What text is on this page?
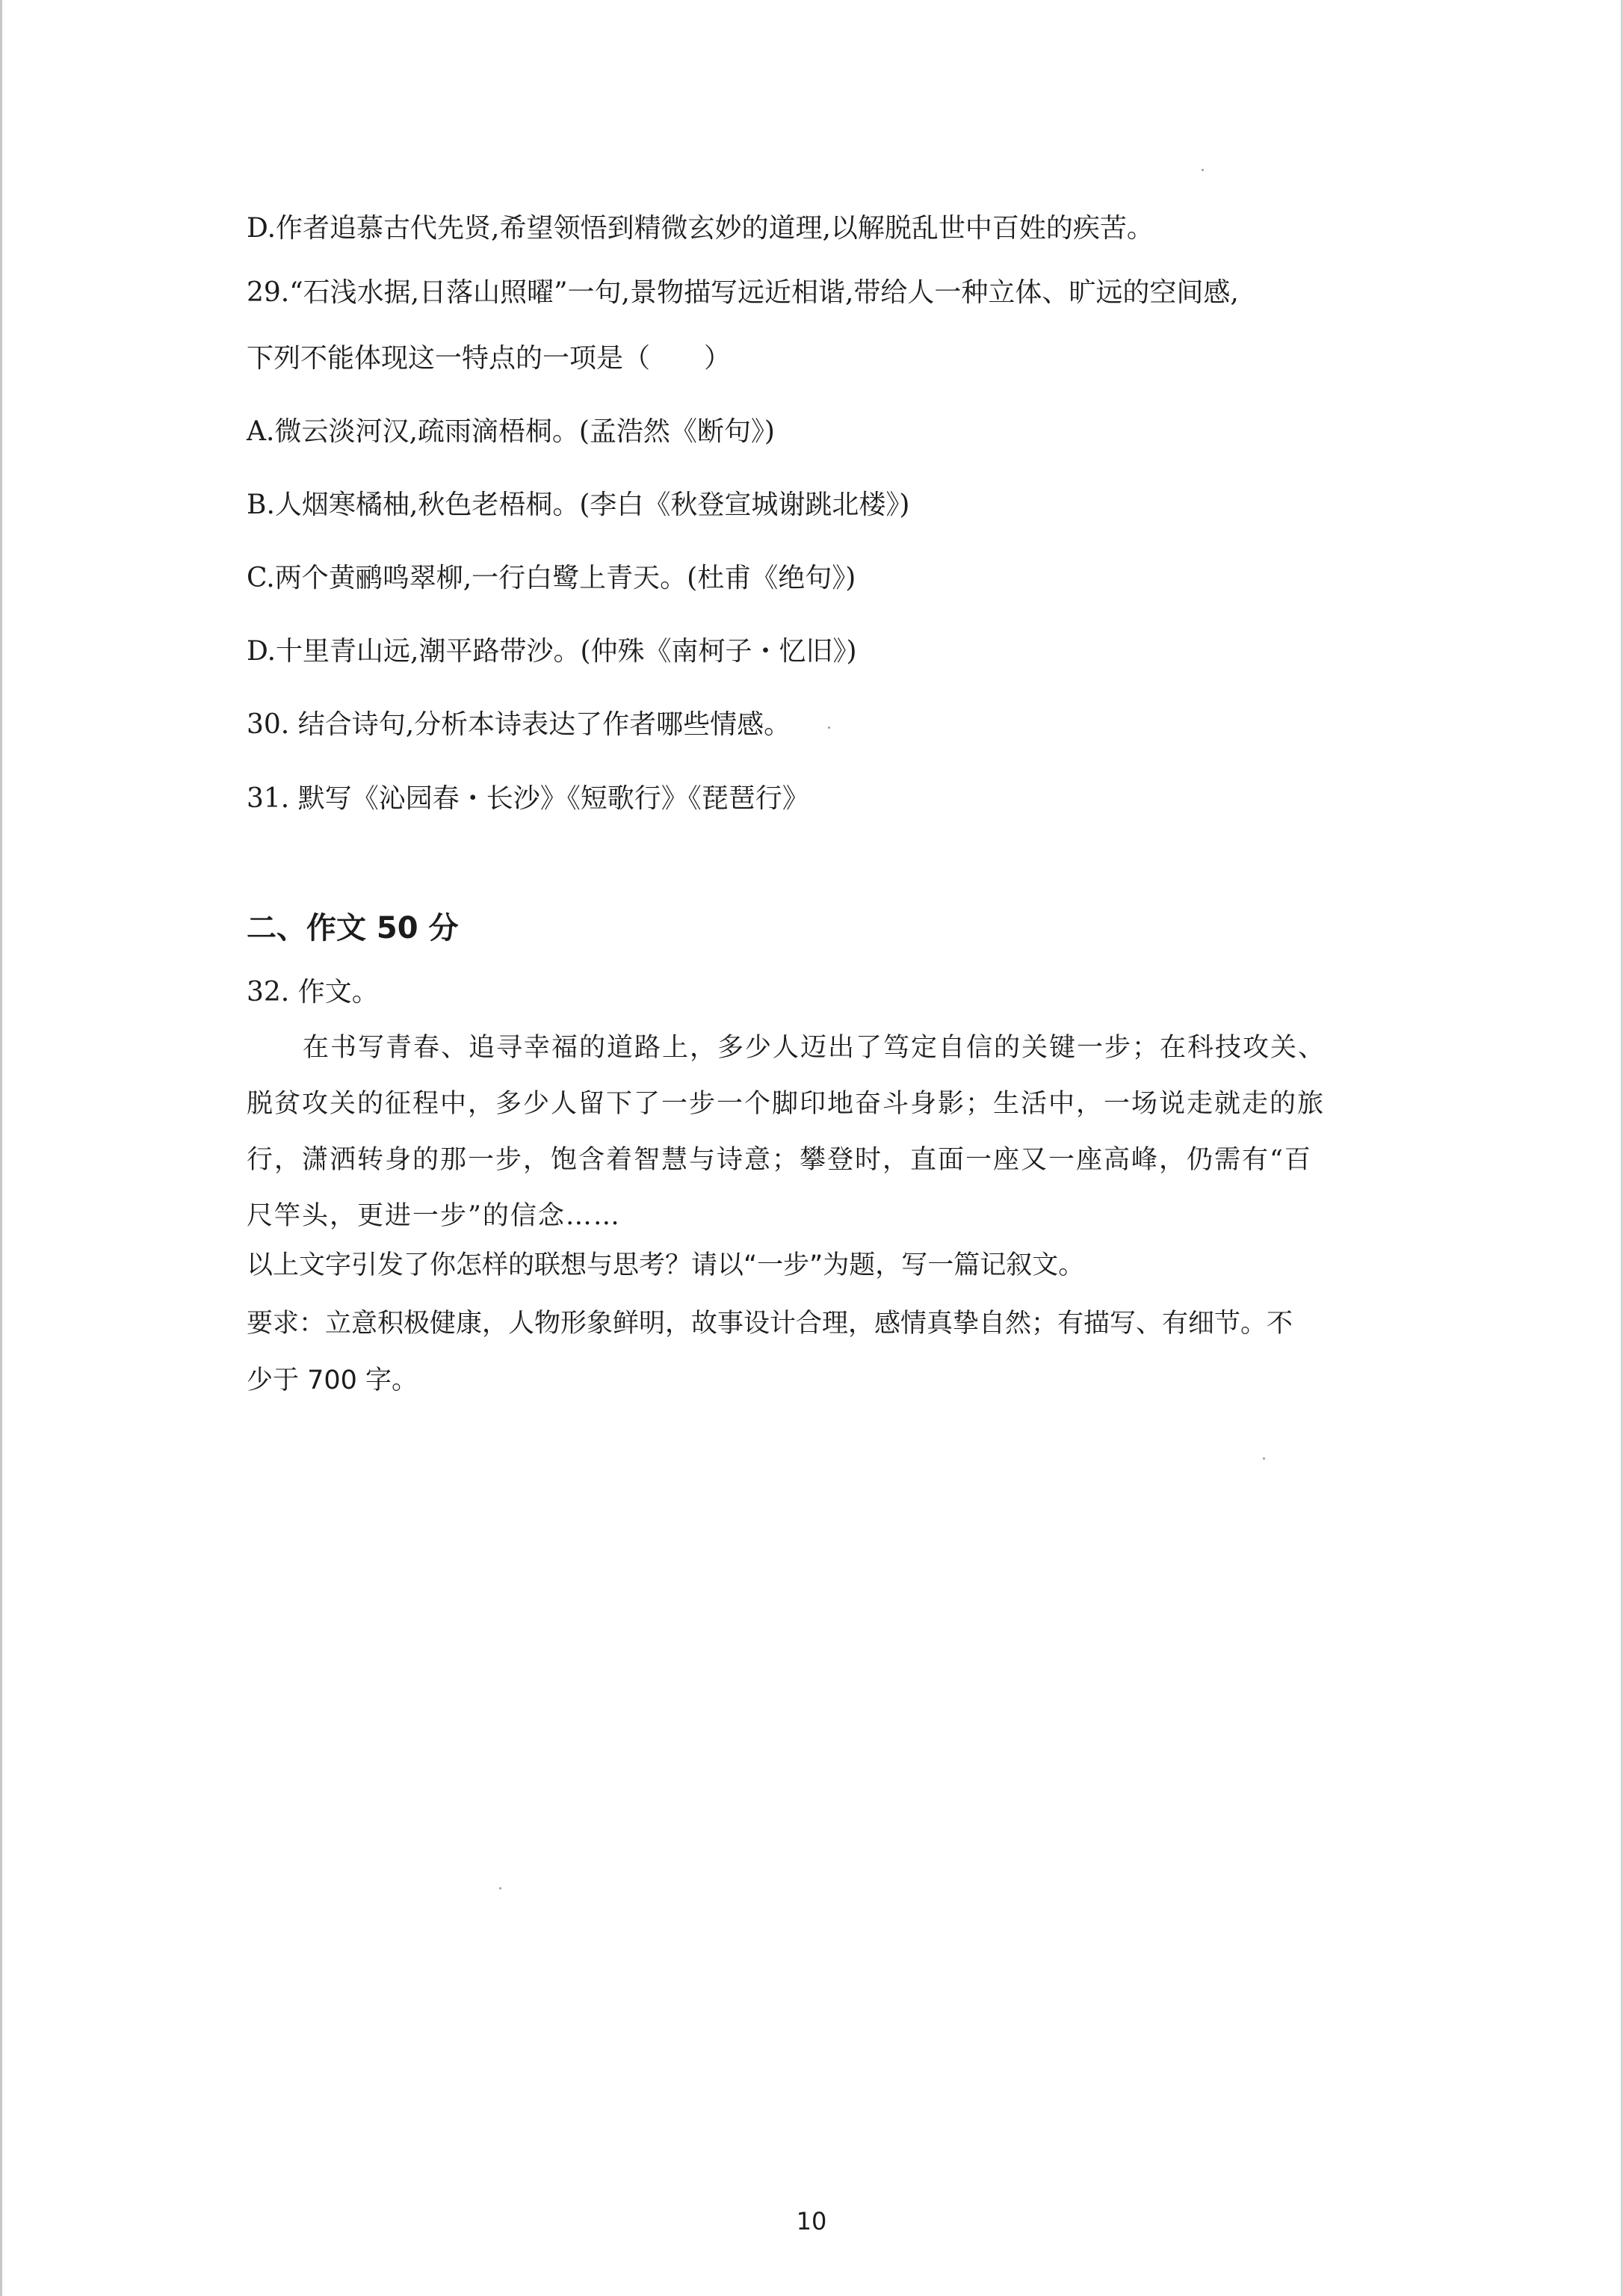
D.作者追慕古代先贤,希望领悟到精微玄妙的道理,以解脱乱世中百姓的疾苦。
29.“石浅水据,日落山照曜”一句,景物描写远近相谐,带给人一种立体、旷远的空间感,
下列不能体现这一特点的一项是（　　）
A.微云淡河汉,疏雨滴梧桐。(孟浩然《断句》)
B.人烟寒橘柚,秋色老梧桐。(李白《秋登宣城谢跳北楼》)
C.两个黄鹂鸣翠柳,一行白鹭上青天。(杜甫《绝句》)
D.十里青山远,潮平路带沙。(仲殊《南柯子・忆旧》)
30. 结合诗句,分析本诗表达了作者哪些情感。
31. 默写《沁园春・长沙》《短歌行》《琵琶行》
二、作文 50 分
32. 作文。
在书写青春、追寻幸福的道路上，多少人迈出了笃定自信的关键一步；在科技攻关、
脱贫攻关的征程中，多少人留下了一步一个脚印地奋斗身影；生活中，一场说走就走的旅
行，潇洒转身的那一步，饱含着智慧与诗意；攀登时，直面一座又一座高峰，仍需有“百
尺竿头，更进一步”的信念……
以上文字引发了你怎样的联想与思考？请以“一步”为题，写一篇记叙文。
要求：立意积极健康，人物形象鲜明，故事设计合理，感情真挚自然；有描写、有细节。不
少于 700 字。
10
